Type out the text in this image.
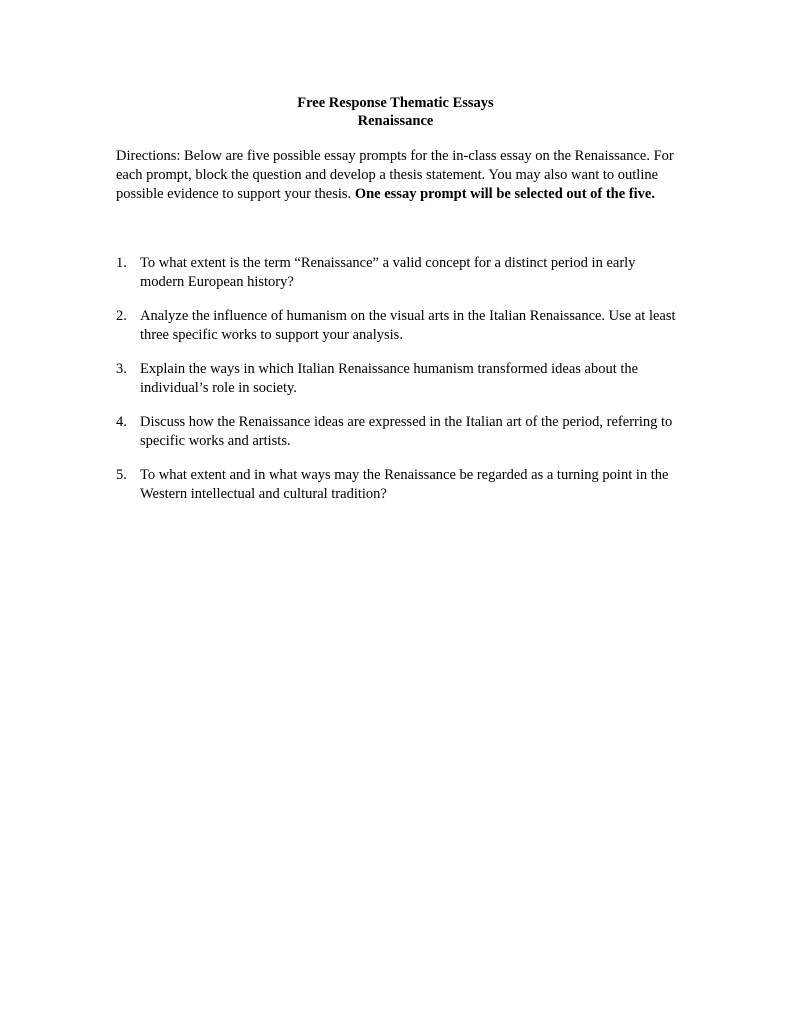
Free Response Thematic Essays
Renaissance
Directions: Below are five possible essay prompts for the in-class essay on the Renaissance. For each prompt, block the question and develop a thesis statement. You may also want to outline possible evidence to support your thesis. One essay prompt will be selected out of the five.
1. To what extent is the term “Renaissance” a valid concept for a distinct period in early modern European history?
2. Analyze the influence of humanism on the visual arts in the Italian Renaissance. Use at least three specific works to support your analysis.
3. Explain the ways in which Italian Renaissance humanism transformed ideas about the individual’s role in society.
4. Discuss how the Renaissance ideas are expressed in the Italian art of the period, referring to specific works and artists.
5. To what extent and in what ways may the Renaissance be regarded as a turning point in the Western intellectual and cultural tradition?
